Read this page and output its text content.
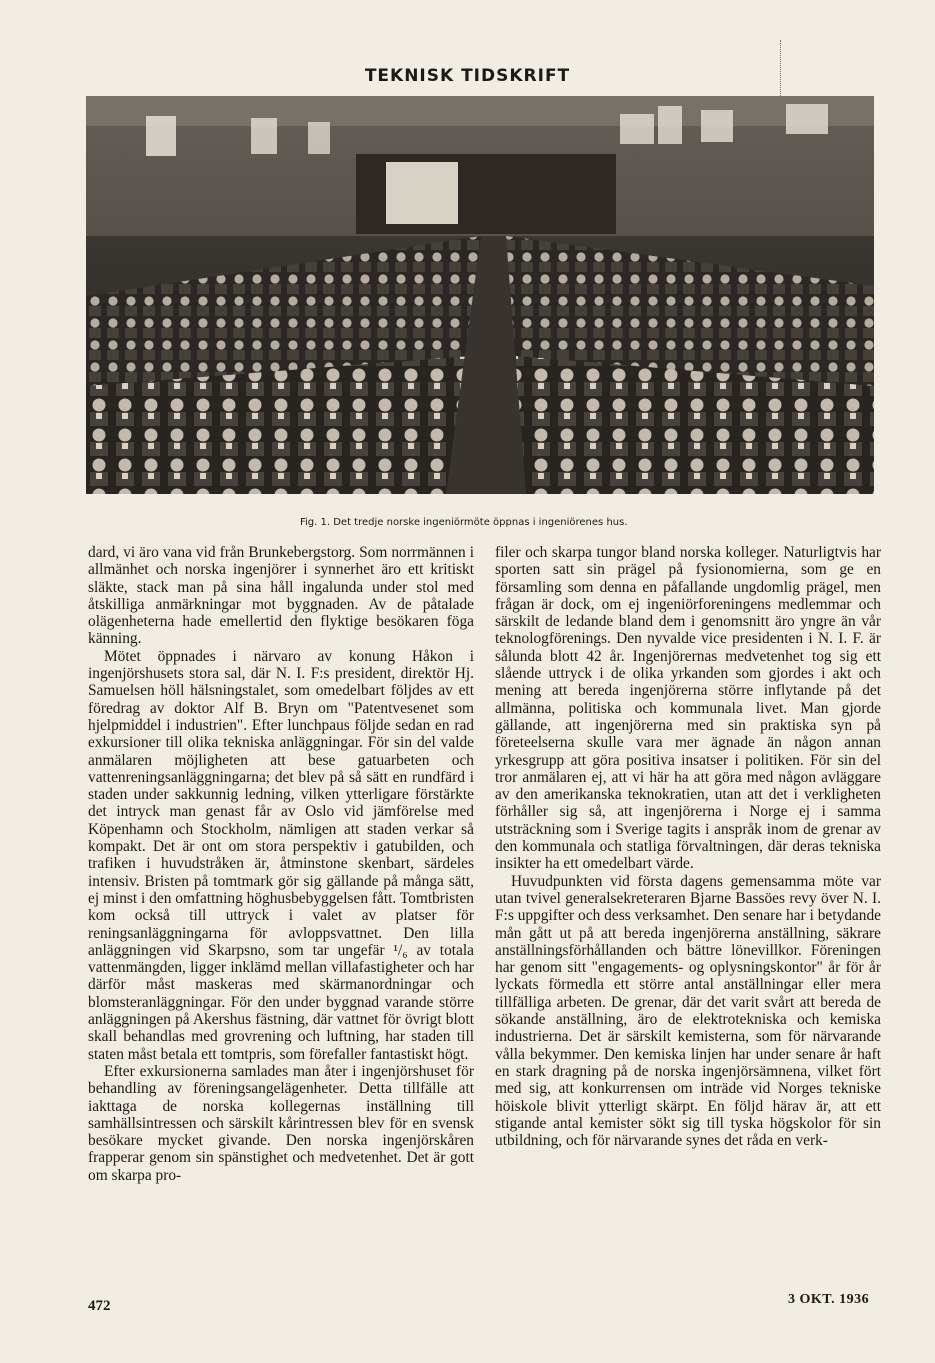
TEKNISK TIDSKRIFT
Fig. 1. Det tredje norske ingeniörmöte öppnas i ingeniörenes hus.

dard, vi äro vana vid från Brunkebergstorg. Som norrmännen i allmänhet och norska ingenjörer i synnerhet äro ett kritiskt släkte, stack man på sina håll ingalunda under stol med åtskilliga anmärkningar mot byggnaden. Av de påtalade olägenheterna hade emellertid den flyktige besökaren föga känning.

Mötet öppnades i närvaro av konung Håkon i ingenjörshusets stora sal, där N. I. F:s president, direktör Hj. Samuelsen höll hälsningstalet, som omedelbart följdes av ett föredrag av doktor Alf B. Bryn om "Patentvesenet som hjelpmiddel i industrien". Efter lunchpaus följde sedan en rad exkursioner till olika tekniska anläggningar. För sin del valde anmälaren möjligheten att bese gatuarbeten och vattenreningsanläggningarna; det blev på så sätt en rundfärd i staden under sakkunnig ledning, vilken ytterligare förstärkte det intryck man genast får av Oslo vid jämförelse med Köpenhamn och Stockholm, nämligen att staden verkar så kompakt. Det är ont om stora perspektiv i gatubilden, och trafiken i huvudstråken är, åtminstone skenbart, särdeles intensiv. Bristen på tomtmark gör sig gällande på många sätt, ej minst i den omfattning höghusbebyggelsen fått. Tomtbristen kom också till uttryck i valet av platser för reningsanläggningarna för avloppsvattnet. Den lilla anläggningen vid Skarpsno, som tar ungefär ¹/₆ av totala vattenmängden, ligger inklämd mellan villafastigheter och har därför måst maskeras med skärmanordningar och blomsteranläggningar. För den under byggnad varande större anläggningen på Akershus fästning, där vattnet för övrigt blott skall behandlas med grovrening och luftning, har staden till staten måst betala ett tomtpris, som förefaller fantastiskt högt.

Efter exkursionerna samlades man åter i ingenjörshuset för behandling av föreningsangelägenheter. Detta tillfälle att iakttaga de norska kollegernas inställning till samhällsintressen och särskilt kårintressen blev för en svensk besökare mycket givande. Den norska ingenjörskåren frapperar genom sin spänstighet och medvetenhet. Det är gott om skarpa pro-

filer och skarpa tungor bland norska kolleger. Naturligtvis har sporten satt sin prägel på fysionomierna, som ge en församling som denna en påfallande ungdomlig prägel, men frågan är dock, om ej ingeniörforeningens medlemmar och särskilt de ledande bland dem i genomsnitt äro yngre än vår teknologförenings. Den nyvalde vice presidenten i N. I. F. är sålunda blott 42 år. Ingenjörernas medvetenhet tog sig ett slående uttryck i de olika yrkanden som gjordes i akt och mening att bereda ingenjörerna större inflytande på det allmänna, politiska och kommunala livet. Man gjorde gällande, att ingenjörerna med sin praktiska syn på företeelserna skulle vara mer ägnade än någon annan yrkesgrupp att göra positiva insatser i politiken. För sin del tror anmälaren ej, att vi här ha att göra med någon avläggare av den amerikanska teknokratien, utan att det i verkligheten förhåller sig så, att ingenjörerna i Norge ej i samma utsträckning som i Sverige tagits i anspråk inom de grenar av den kommunala och statliga förvaltningen, där deras tekniska insikter ha ett omedelbart värde.

Huvudpunkten vid första dagens gemensamma möte var utan tvivel generalsekreteraren Bjarne Bassöes revy över N. I. F:s uppgifter och dess verksamhet. Den senare har i betydande mån gått ut på att bereda ingenjörerna anställning, säkrare anställningsförhållanden och bättre lönevillkor. Föreningen har genom sitt "engagements- og oplysningskontor" år för år lyckats förmedla ett större antal anställningar eller mera tillfälliga arbeten. De grenar, där det varit svårt att bereda de sökande anställning, äro de elektrotekniska och kemiska industrierna. Det är särskilt kemisterna, som för närvarande vålla bekymmer. Den kemiska linjen har under senare år haft en stark dragning på de norska ingenjörsämnena, vilket fört med sig, att konkurrensen om inträde vid Norges tekniske höiskole blivit ytterligt skärpt. En följd härav är, att ett stigande antal kemister sökt sig till tyska högskolor för sin utbildning, och för närvarande synes det råda en verk-

472	3 OKT. 1936
